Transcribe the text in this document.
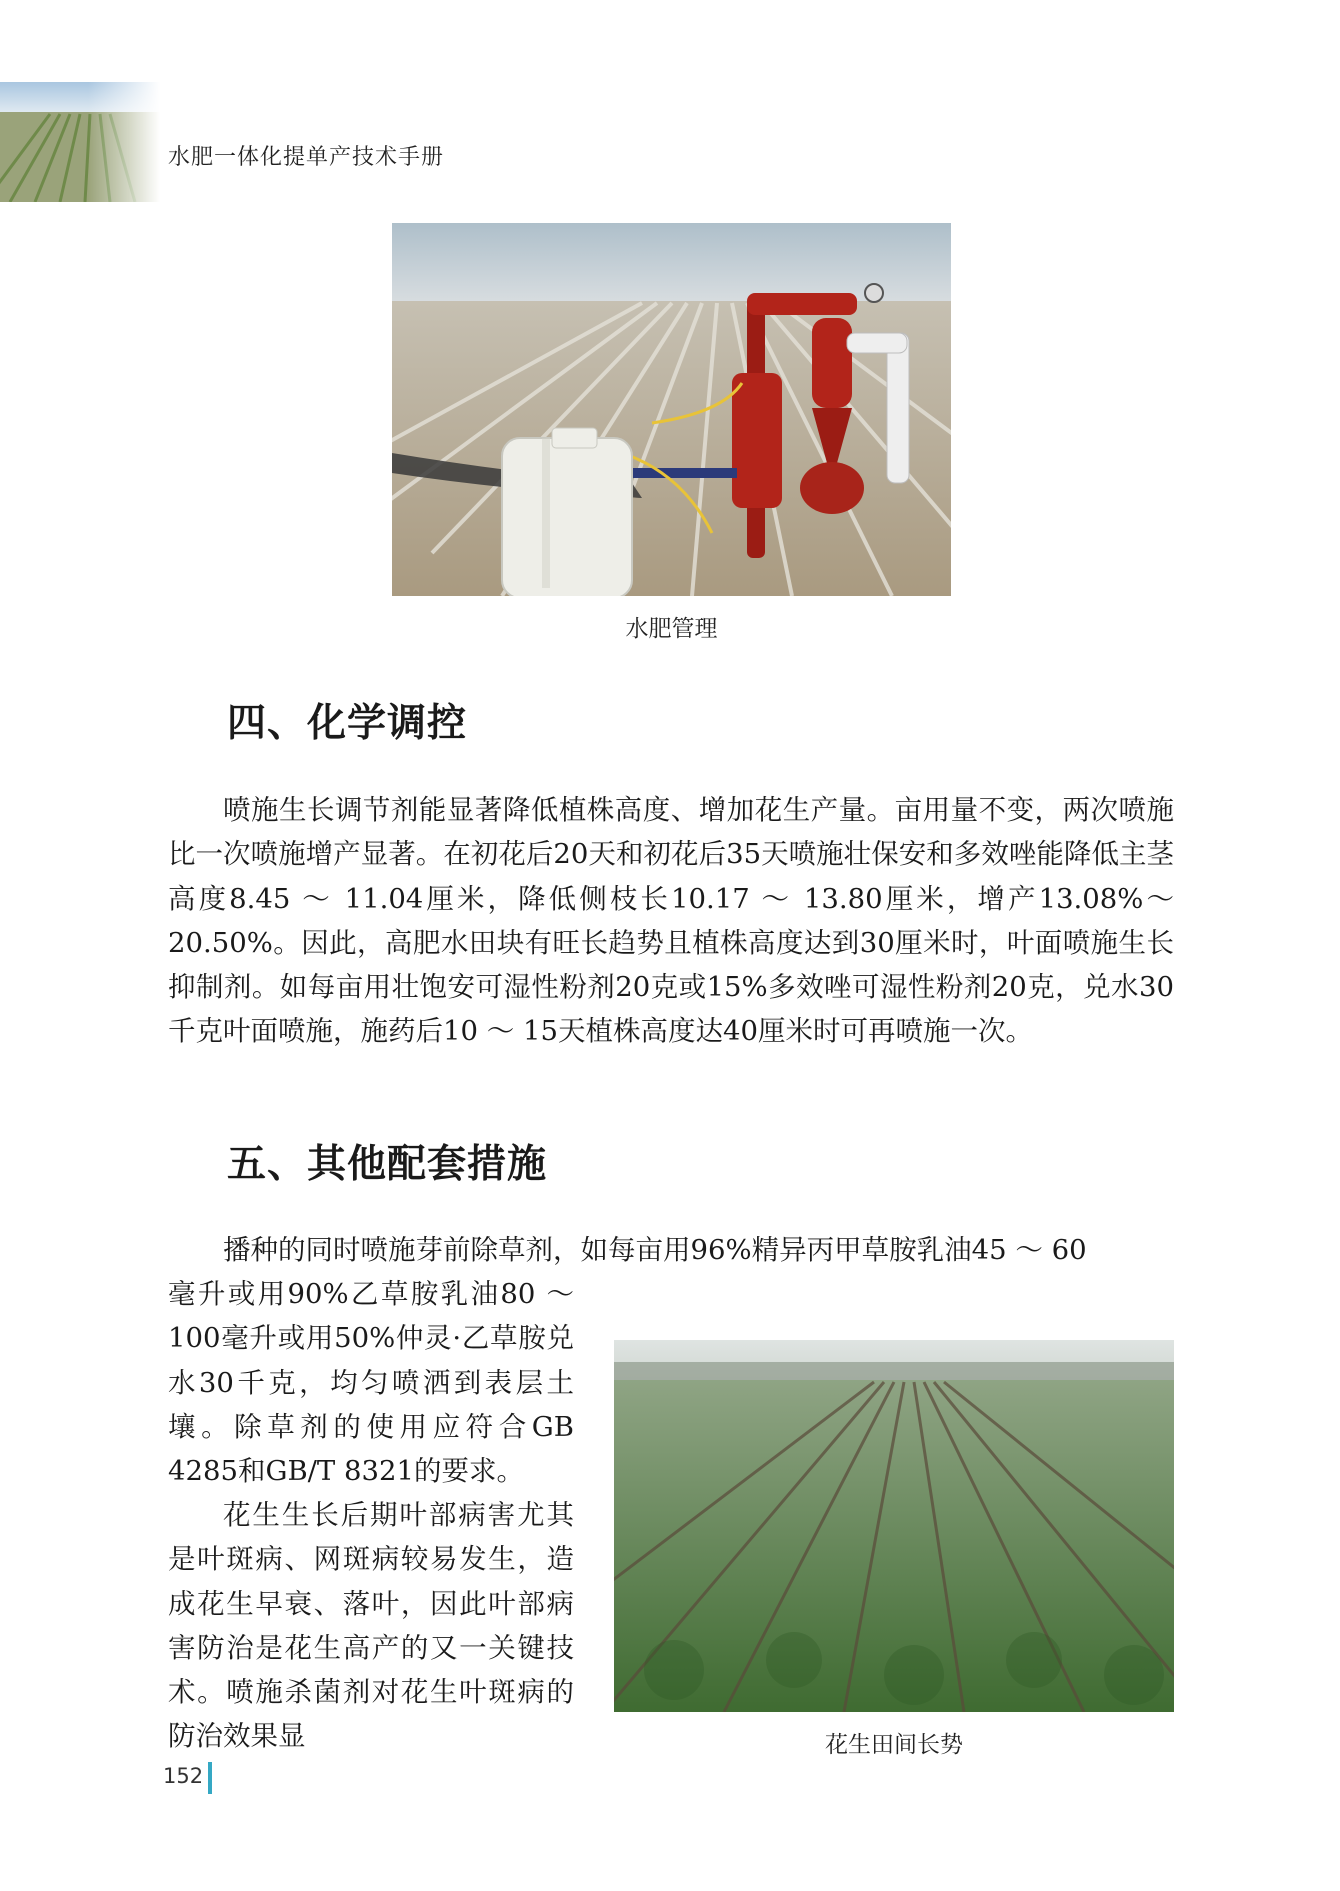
水肥一体化提单产技术手册
水肥管理
四、化学调控

喷施生长调节剂能显著降低植株高度、增加花生产量。亩用量不变，两次喷施比一次喷施增产显著。在初花后20天和初花后35天喷施壮保安和多效唑能降低主茎高度8.45 ～ 11.04厘米，降低侧枝长10.17 ～ 13.80厘米，增产13.08%～ 20.50%。因此，高肥水田块有旺长趋势且植株高度达到30厘米时，叶面喷施生长抑制剂。如每亩用壮饱安可湿性粉剂20克或15%多效唑可湿性粉剂20克，兑水30千克叶面喷施，施药后10 ～ 15天植株高度达40厘米时可再喷施一次。

五、其他配套措施

播种的同时喷施芽前除草剂，如每亩用96%精异丙甲草胺乳油45 ～ 60

毫升或用90%乙草胺乳油80 ～ 100毫升或用50%仲灵·乙草胺兑水30千克，均匀喷洒到表层土壤。除草剂的使用应符合GB 4285和GB/T 8321的要求。

花生生长后期叶部病害尤其是叶斑病、网斑病较易发生，造成花生早衰、落叶，因此叶部病害防治是花生高产的又一关键技术。喷施杀菌剂对花生叶斑病的防治效果显	花生田间长势
152
